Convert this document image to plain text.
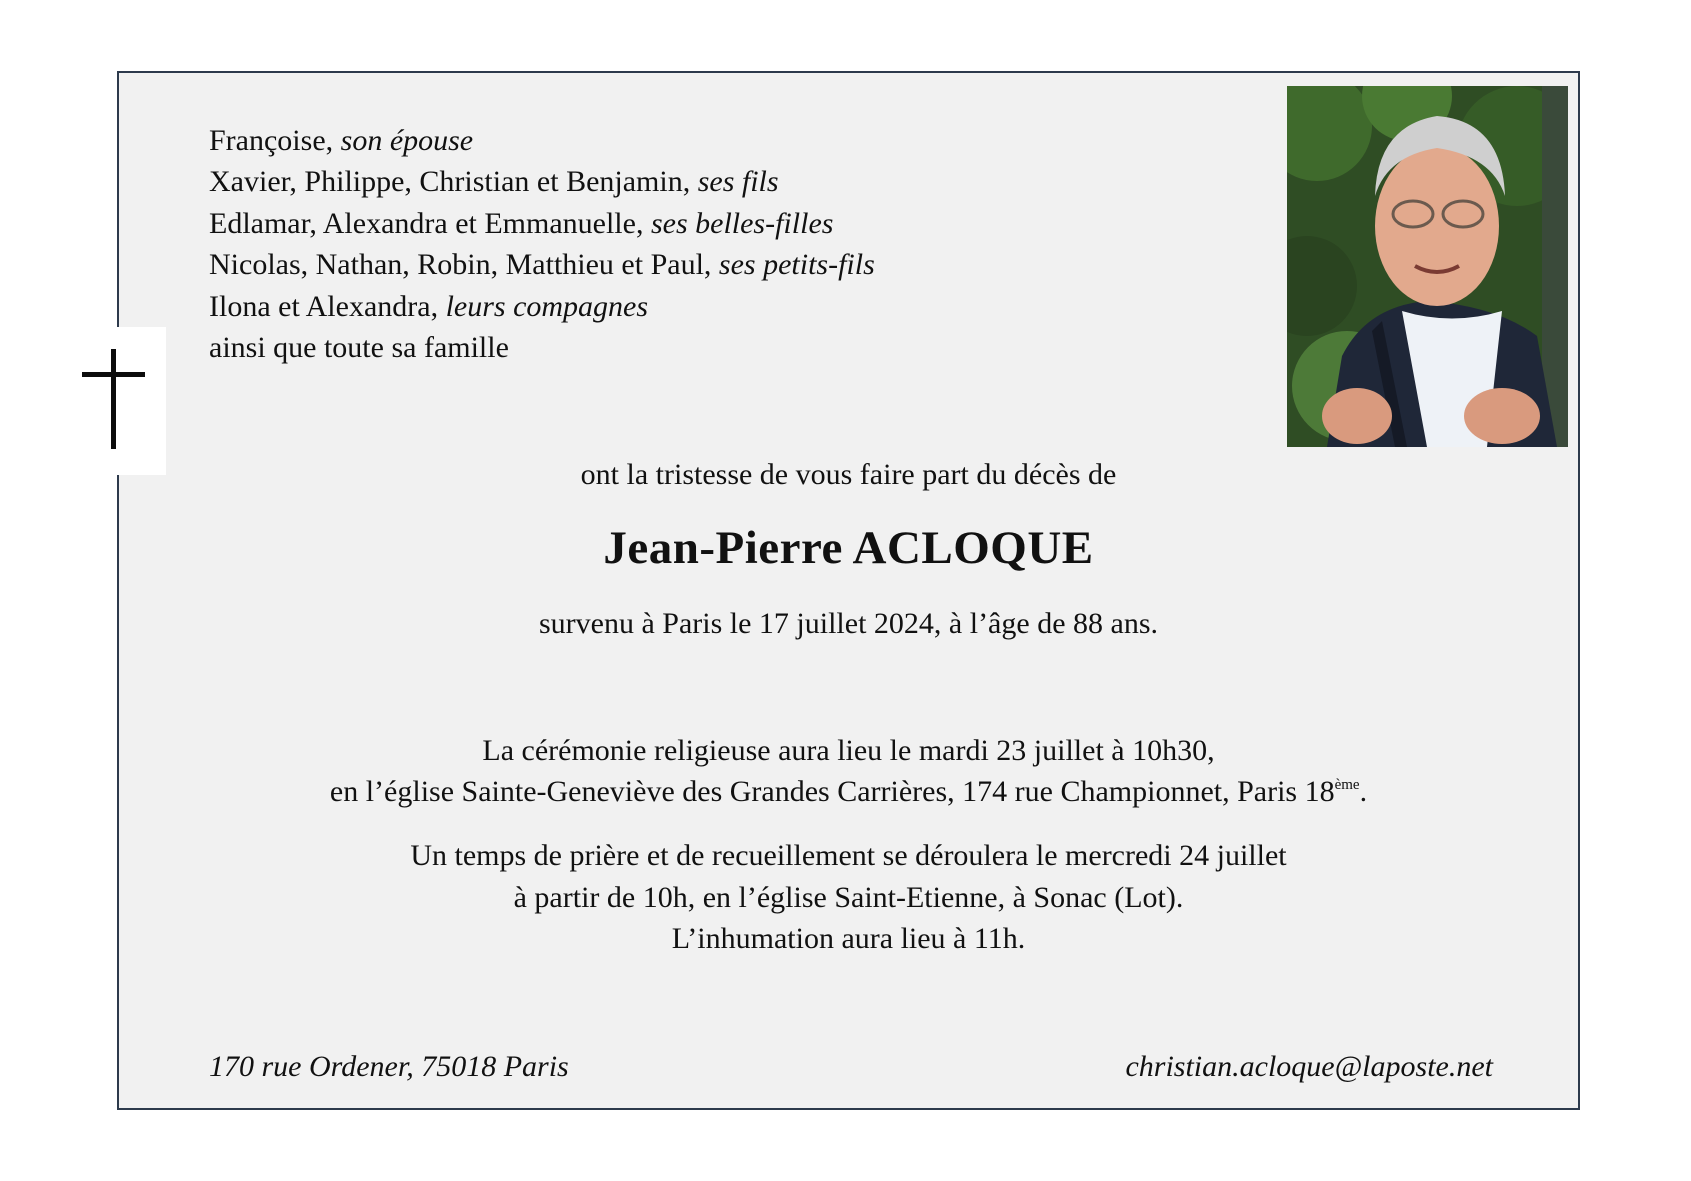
Françoise, son épouse
Xavier, Philippe, Christian et Benjamin, ses fils
Edlamar, Alexandra et Emmanuelle, ses belles-filles
Nicolas, Nathan, Robin, Matthieu et Paul, ses petits-fils
Ilona et Alexandra, leurs compagnes
ainsi que toute sa famille
ont la tristesse de vous faire part du décès de
Jean-Pierre ACLOQUE
survenu à Paris le 17 juillet 2024, à l’âge de 88 ans.
La cérémonie religieuse aura lieu le mardi 23 juillet à 10h30,
en l’église Sainte-Geneviève des Grandes Carrières, 174 rue Championnet, Paris 18ème.
Un temps de prière et de recueillement se déroulera le mercredi 24 juillet
à partir de 10h, en l’église Saint-Etienne, à Sonac (Lot).
L’inhumation aura lieu à 11h.
170 rue Ordener, 75018 Paris	christian.acloque@laposte.net
